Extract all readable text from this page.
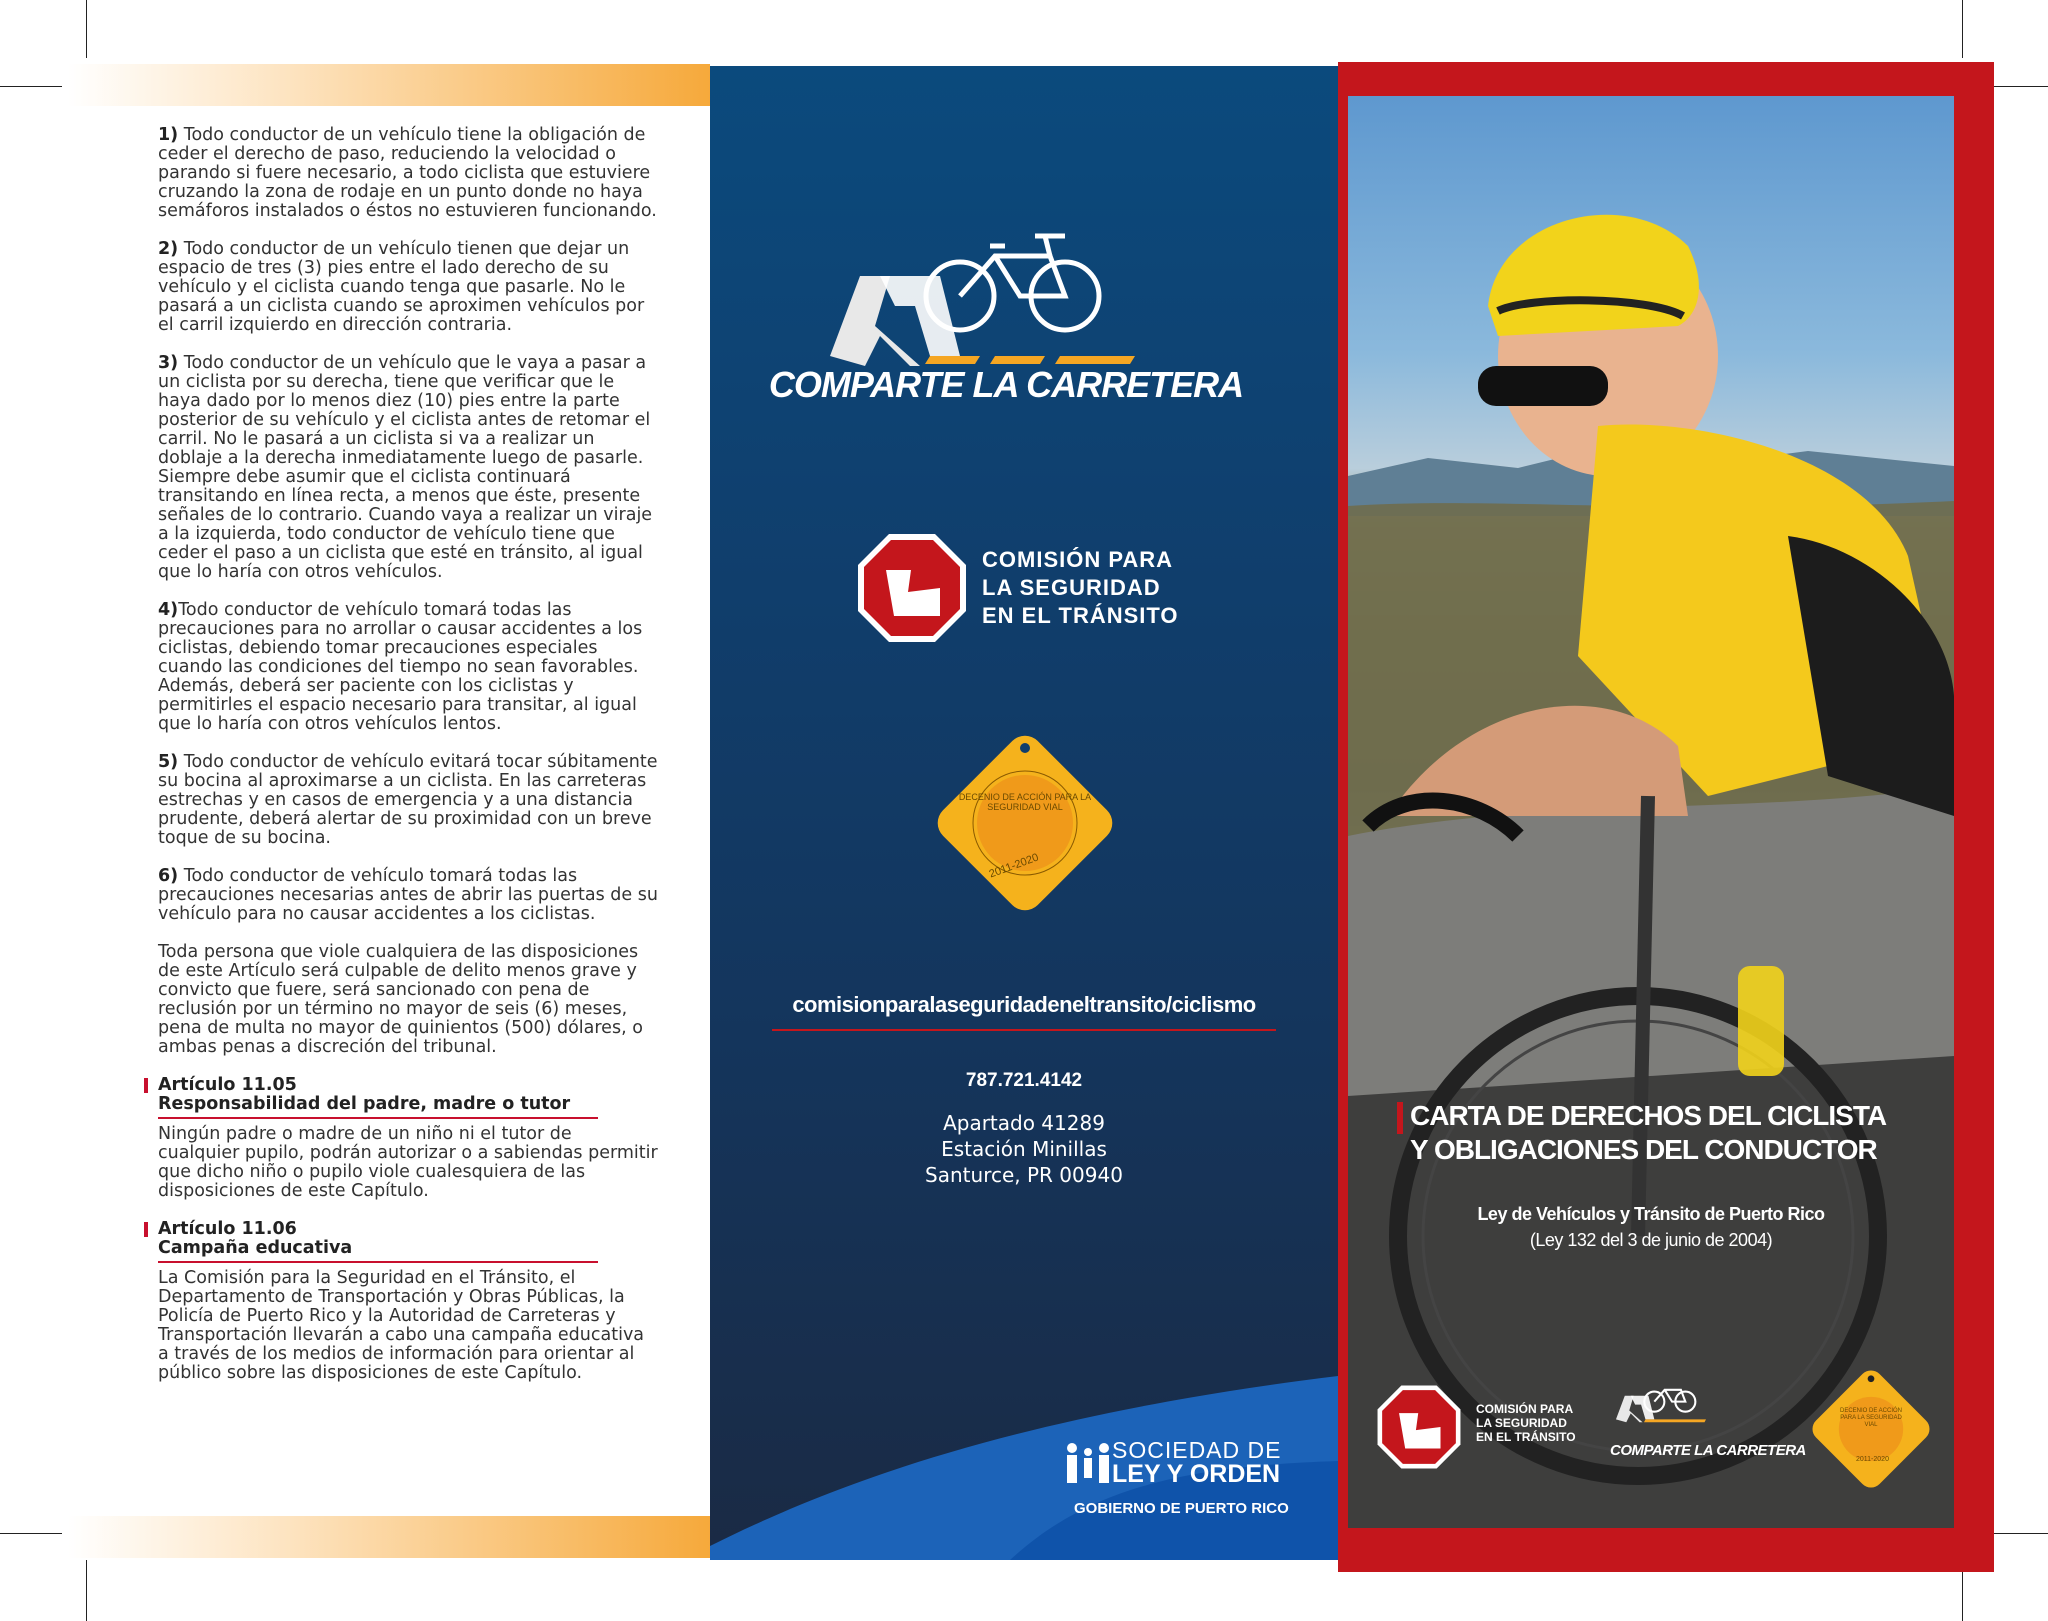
1) Todo conductor de un vehículo tiene la obligación de ceder el derecho de paso, reduciendo la velocidad o parando si fuere necesario, a todo ciclista que estuviere cruzando la zona de rodaje en un punto donde no haya semáforos instalados o éstos no estuvieren funcionando.

2) Todo conductor de un vehículo tienen que dejar un espacio de tres (3) pies entre el lado derecho de su vehículo y el ciclista cuando tenga que pasarle. No le pasará a un ciclista cuando se aproximen vehículos por el carril izquierdo en dirección contraria.

3) Todo conductor de un vehículo que le vaya a pasar a un ciclista por su derecha, tiene que verificar que le haya dado por lo menos diez (10) pies entre la parte posterior de su vehículo y el ciclista antes de retomar el carril. No le pasará a un ciclista si va a realizar un doblaje a la derecha inmediatamente luego de pasarle. Siempre debe asumir que el ciclista continuará transitando en línea recta, a menos que éste, presente señales de lo contrario. Cuando vaya a realizar un viraje a la izquierda, todo conductor de vehículo tiene que ceder el paso a un ciclista que esté en tránsito, al igual que lo haría con otros vehículos.

4)Todo conductor de vehículo tomará todas las precauciones para no arrollar o causar accidentes a los ciclistas, debiendo tomar precauciones especiales cuando las condiciones del tiempo no sean favorables. Además, deberá ser paciente con los ciclistas y permitirles el espacio necesario para transitar, al igual que lo haría con otros vehículos lentos.

5) Todo conductor de vehículo evitará tocar súbitamente su bocina al aproximarse a un ciclista. En las carreteras estrechas y en casos de emergencia y a una distancia prudente, deberá alertar de su proximidad con un breve toque de su bocina.

6) Todo conductor de vehículo tomará todas las precauciones necesarias antes de abrir las puertas de su vehículo para no causar accidentes a los ciclistas.

Toda persona que viole cualquiera de las disposiciones de este Artículo será culpable de delito menos grave y convicto que fuere, será sancionado con pena de reclusión por un término no mayor de seis (6) meses, pena de multa no mayor de quinientos (500) dólares, o ambas penas a discreción del tribunal.

Artículo 11.05
Responsabilidad del padre, madre o tutor

Ningún padre o madre de un niño ni el tutor de cualquier pupilo, podrán autorizar o a sabiendas permitir que dicho niño o pupilo viole cualesquiera de las disposiciones de este Capítulo.

Artículo 11.06
Campaña educativa

La Comisión para la Seguridad en el Tránsito, el Departamento de Transportación y Obras Públicas, la Policía de Puerto Rico y la Autoridad de Carreteras y Transportación llevarán a cabo una campaña educativa a través de los medios de información para orientar al público sobre las disposiciones de este Capítulo.

COMPARTE LA CARRETERA
COMISIÓN PARA
LA SEGURIDAD
EN EL TRÁNSITO
2011-2020
DECENIO DE ACCIÓN PARA LA SEGURIDAD VIAL
comisionparalaseguridadeneltransito/ciclismo
787.721.4142
Apartado 41289
Estación Minillas
Santurce, PR 00940
SOCIEDAD DE
LEY Y ORDEN
GOBIERNO DE PUERTO RICO
CARTA DE DERECHOS DEL CICLISTA
Y OBLIGACIONES DEL CONDUCTOR
Ley de Vehículos y Tránsito de Puerto Rico
(Ley 132 del 3 de junio de 2004)
COMISIÓN PARA
LA SEGURIDAD
EN EL TRÁNSITO
COMPARTE LA CARRETERA
DECENIO DE ACCIÓN PARA LA SEGURIDAD VIAL
2011-2020
